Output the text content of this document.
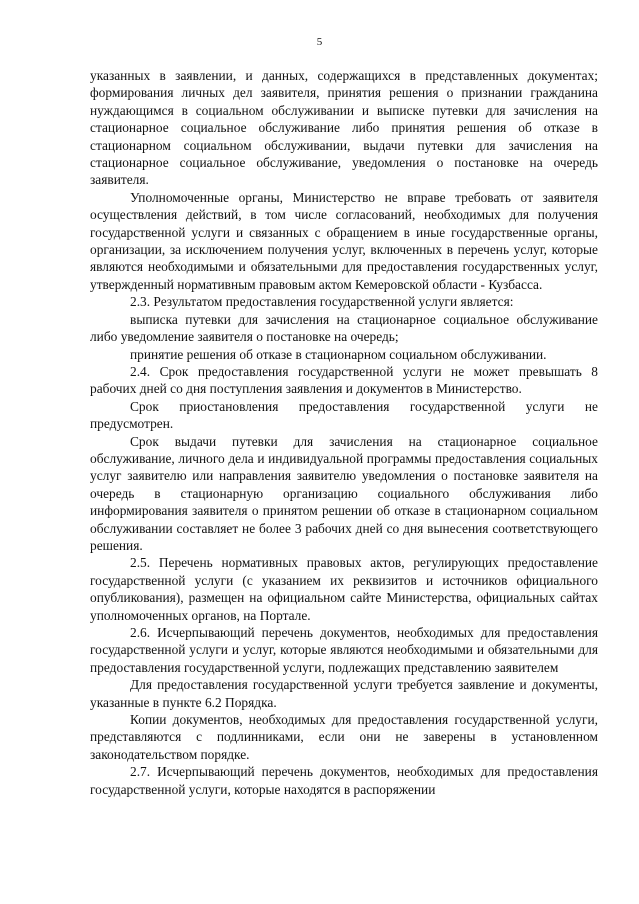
5

указанных в заявлении, и данных, содержащихся в представленных документах; формирования личных дел заявителя, принятия решения о признании гражданина нуждающимся в социальном обслуживании и выписке путевки для зачисления на стационарное социальное обслуживание либо принятия решения об отказе в стационарном социальном обслуживании, выдачи путевки для зачисления на стационарное социальное обслуживание, уведомления о постановке на очередь заявителя.

Уполномоченные органы, Министерство не вправе требовать от заявителя осуществления действий, в том числе согласований, необходимых для получения государственной услуги и связанных с обращением в иные государственные органы, организации, за исключением получения услуг, включенных в перечень услуг, которые являются необходимыми и обязательными для предоставления государственных услуг, утвержденный нормативным правовым актом Кемеровской области - Кузбасса.

2.3. Результатом предоставления государственной услуги является:

выписка путевки для зачисления на стационарное социальное обслуживание либо уведомление заявителя о постановке на очередь;

принятие решения об отказе в стационарном социальном обслуживании.

2.4. Срок предоставления государственной услуги не может превышать 8 рабочих дней со дня поступления заявления и документов в Министерство.

Срок приостановления предоставления государственной услуги не предусмотрен.

Срок выдачи путевки для зачисления на стационарное социальное обслуживание, личного дела и индивидуальной программы предоставления социальных услуг заявителю или направления заявителю уведомления о постановке заявителя на очередь в стационарную организацию социального обслуживания либо информирования заявителя о принятом решении об отказе в стационарном социальном обслуживании составляет не более 3 рабочих дней со дня вынесения соответствующего решения.

2.5. Перечень нормативных правовых актов, регулирующих предоставление государственной услуги (с указанием их реквизитов и источников официального опубликования), размещен на официальном сайте Министерства, официальных сайтах уполномоченных органов, на Портале.

2.6. Исчерпывающий перечень документов, необходимых для предоставления государственной услуги и услуг, которые являются необходимыми и обязательными для предоставления государственной услуги, подлежащих представлению заявителем

Для предоставления государственной услуги требуется заявление и документы, указанные в пункте 6.2 Порядка.

Копии документов, необходимых для предоставления государственной услуги, представляются с подлинниками, если они не заверены в установленном законодательством порядке.

2.7. Исчерпывающий перечень документов, необходимых для предоставления государственной услуги, которые находятся в распоряжении
